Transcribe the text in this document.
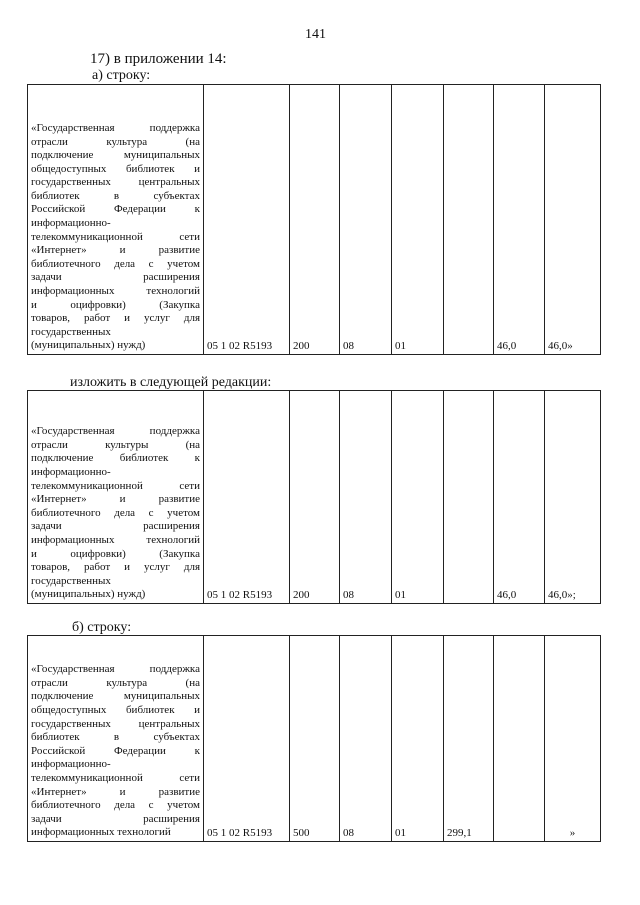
141
17) в приложении 14:
а) строку:
«Государственная поддержка
отрасли культура (на
подключение муниципальных
общедоступных библиотек и
государственных центральных
библиотек в субъектах
Российской Федерации к
информационно-
телекоммуникационной сети
«Интернет» и развитие
библиотечного дела с учетом
задачи расширения
информационных технологий
и оцифровки) (Закупка
товаров, работ и услуг для
государственных
(муниципальных) нужд)	05 1 02 R5193	200	08	01		46,0	46,0»
изложить в следующей редакции:
«Государственная поддержка
отрасли культуры (на
подключение библиотек к
информационно-
телекоммуникационной сети
«Интернет» и развитие
библиотечного дела с учетом
задачи расширения
информационных технологий
и оцифровки) (Закупка
товаров, работ и услуг для
государственных
(муниципальных) нужд)	05 1 02 R5193	200	08	01		46,0	46,0»;
б) строку:
«Государственная поддержка
отрасли культура (на
подключение муниципальных
общедоступных библиотек и
государственных центральных
библиотек в субъектах
Российской Федерации к
информационно-
телекоммуникационной сети
«Интернет» и развитие
библиотечного дела с учетом
задачи расширения
информационных технологий	05 1 02 R5193	500	08	01	299,1		»
